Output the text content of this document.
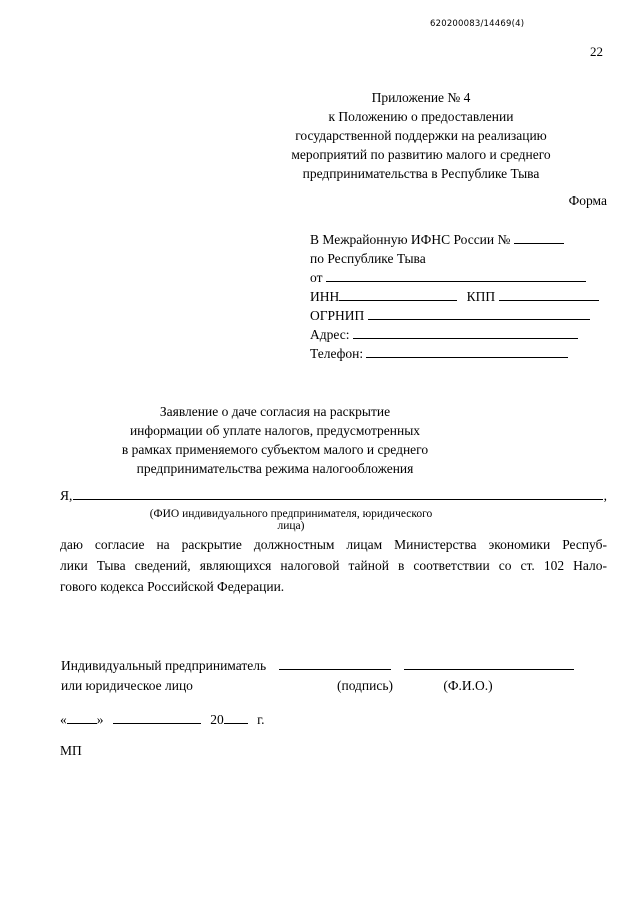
620200083/14469(4)
22
Приложение № 4
к Положению о предоставлении
государственной поддержки на реализацию
мероприятий по развитию малого и среднего
предпринимательства в Республике Тыва
Форма
В Межрайонную ИФНС России №
по Республике Тыва
от
ИНН	КПП
ОГРНИП
Адрес:
Телефон:
Заявление о даче согласия на раскрытие
информации об уплате налогов, предусмотренных
в рамках применяемого субъектом малого и среднего
предпринимательства режима налогообложения
Я,	,
(ФИО индивидуального предпринимателя, юридического лица)
даю согласие на раскрытие должностным лицам Министерства экономики Респуб-
лики Тыва сведений, являющихся налоговой тайной в соответствии со ст. 102 Нало-
гового кодекса Российской Федерации.
Индивидуальный предприниматель
или юридическое лицо	(подпись)	(Ф.И.О.)
« »	20 г.
МП
